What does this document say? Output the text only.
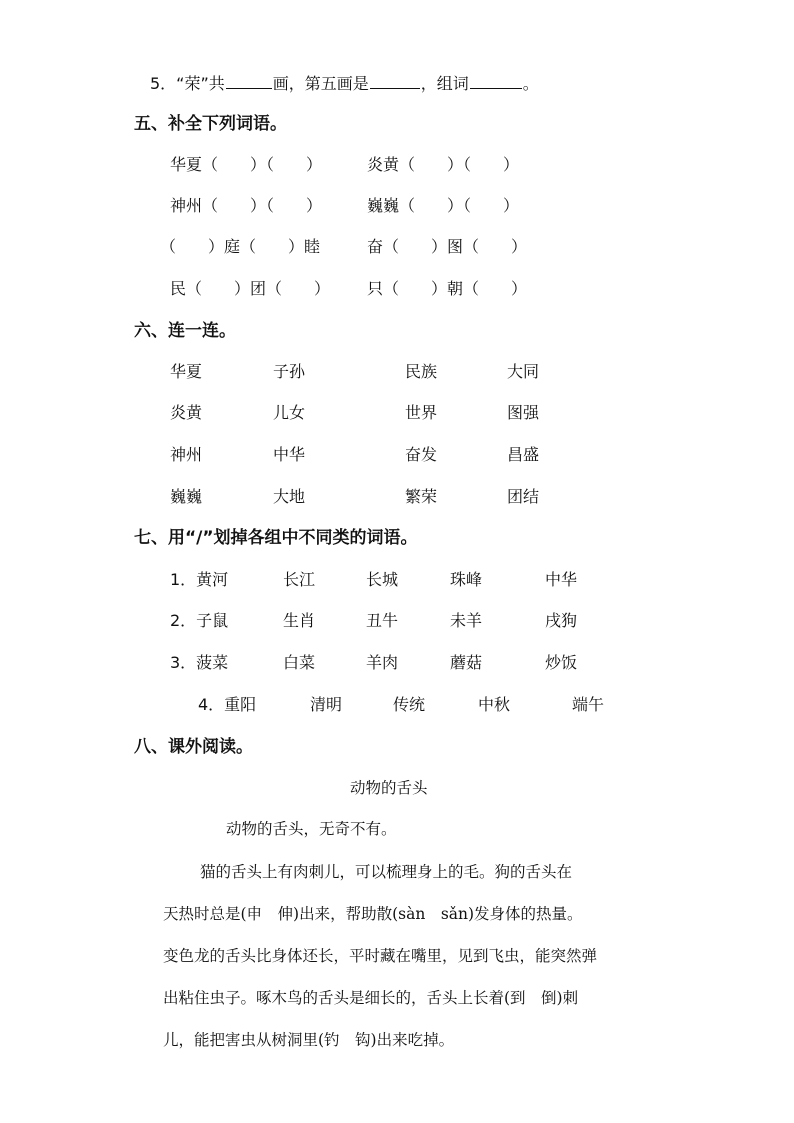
5．“荣”共	画，第五画是	，组词	。
五、补全下列词语。
华夏（　　）（　　）	炎黄（　　）（　　）
神州（　　）（　　）	巍巍（　　）（　　）
（　　）庭（　　）睦	奋（　　）图（　　）
民（　　）团（　　） 只（　　）朝（　　）
六、连一连。
华夏	子孙	民族	大同
炎黄	儿女	世界	图强
神州	中华	奋发	昌盛
巍巍	大地	繁荣	团结
七、用“/”划掉各组中不同类的词语。
1．黄河	长江	长城	珠峰	中华
2．子鼠	生肖	丑牛	未羊	戌狗
3．菠菜	白菜	羊肉	蘑菇	炒饭
4．重阳	清明	传统	中秋	端午
八、课外阅读。
动物的舌头
动物的舌头，无奇不有。
猫的舌头上有肉刺儿，可以梳理身上的毛。狗的舌头在
天热时总是(申　伸)出来，帮助散(sàn　sǎn)发身体的热量。
变色龙的舌头比身体还长，平时藏在嘴里，见到飞虫，能突然弹
出粘住虫子。啄木鸟的舌头是细长的，舌头上长着(到　倒)刺
儿，能把害虫从树洞里(钓　钩)出来吃掉。
